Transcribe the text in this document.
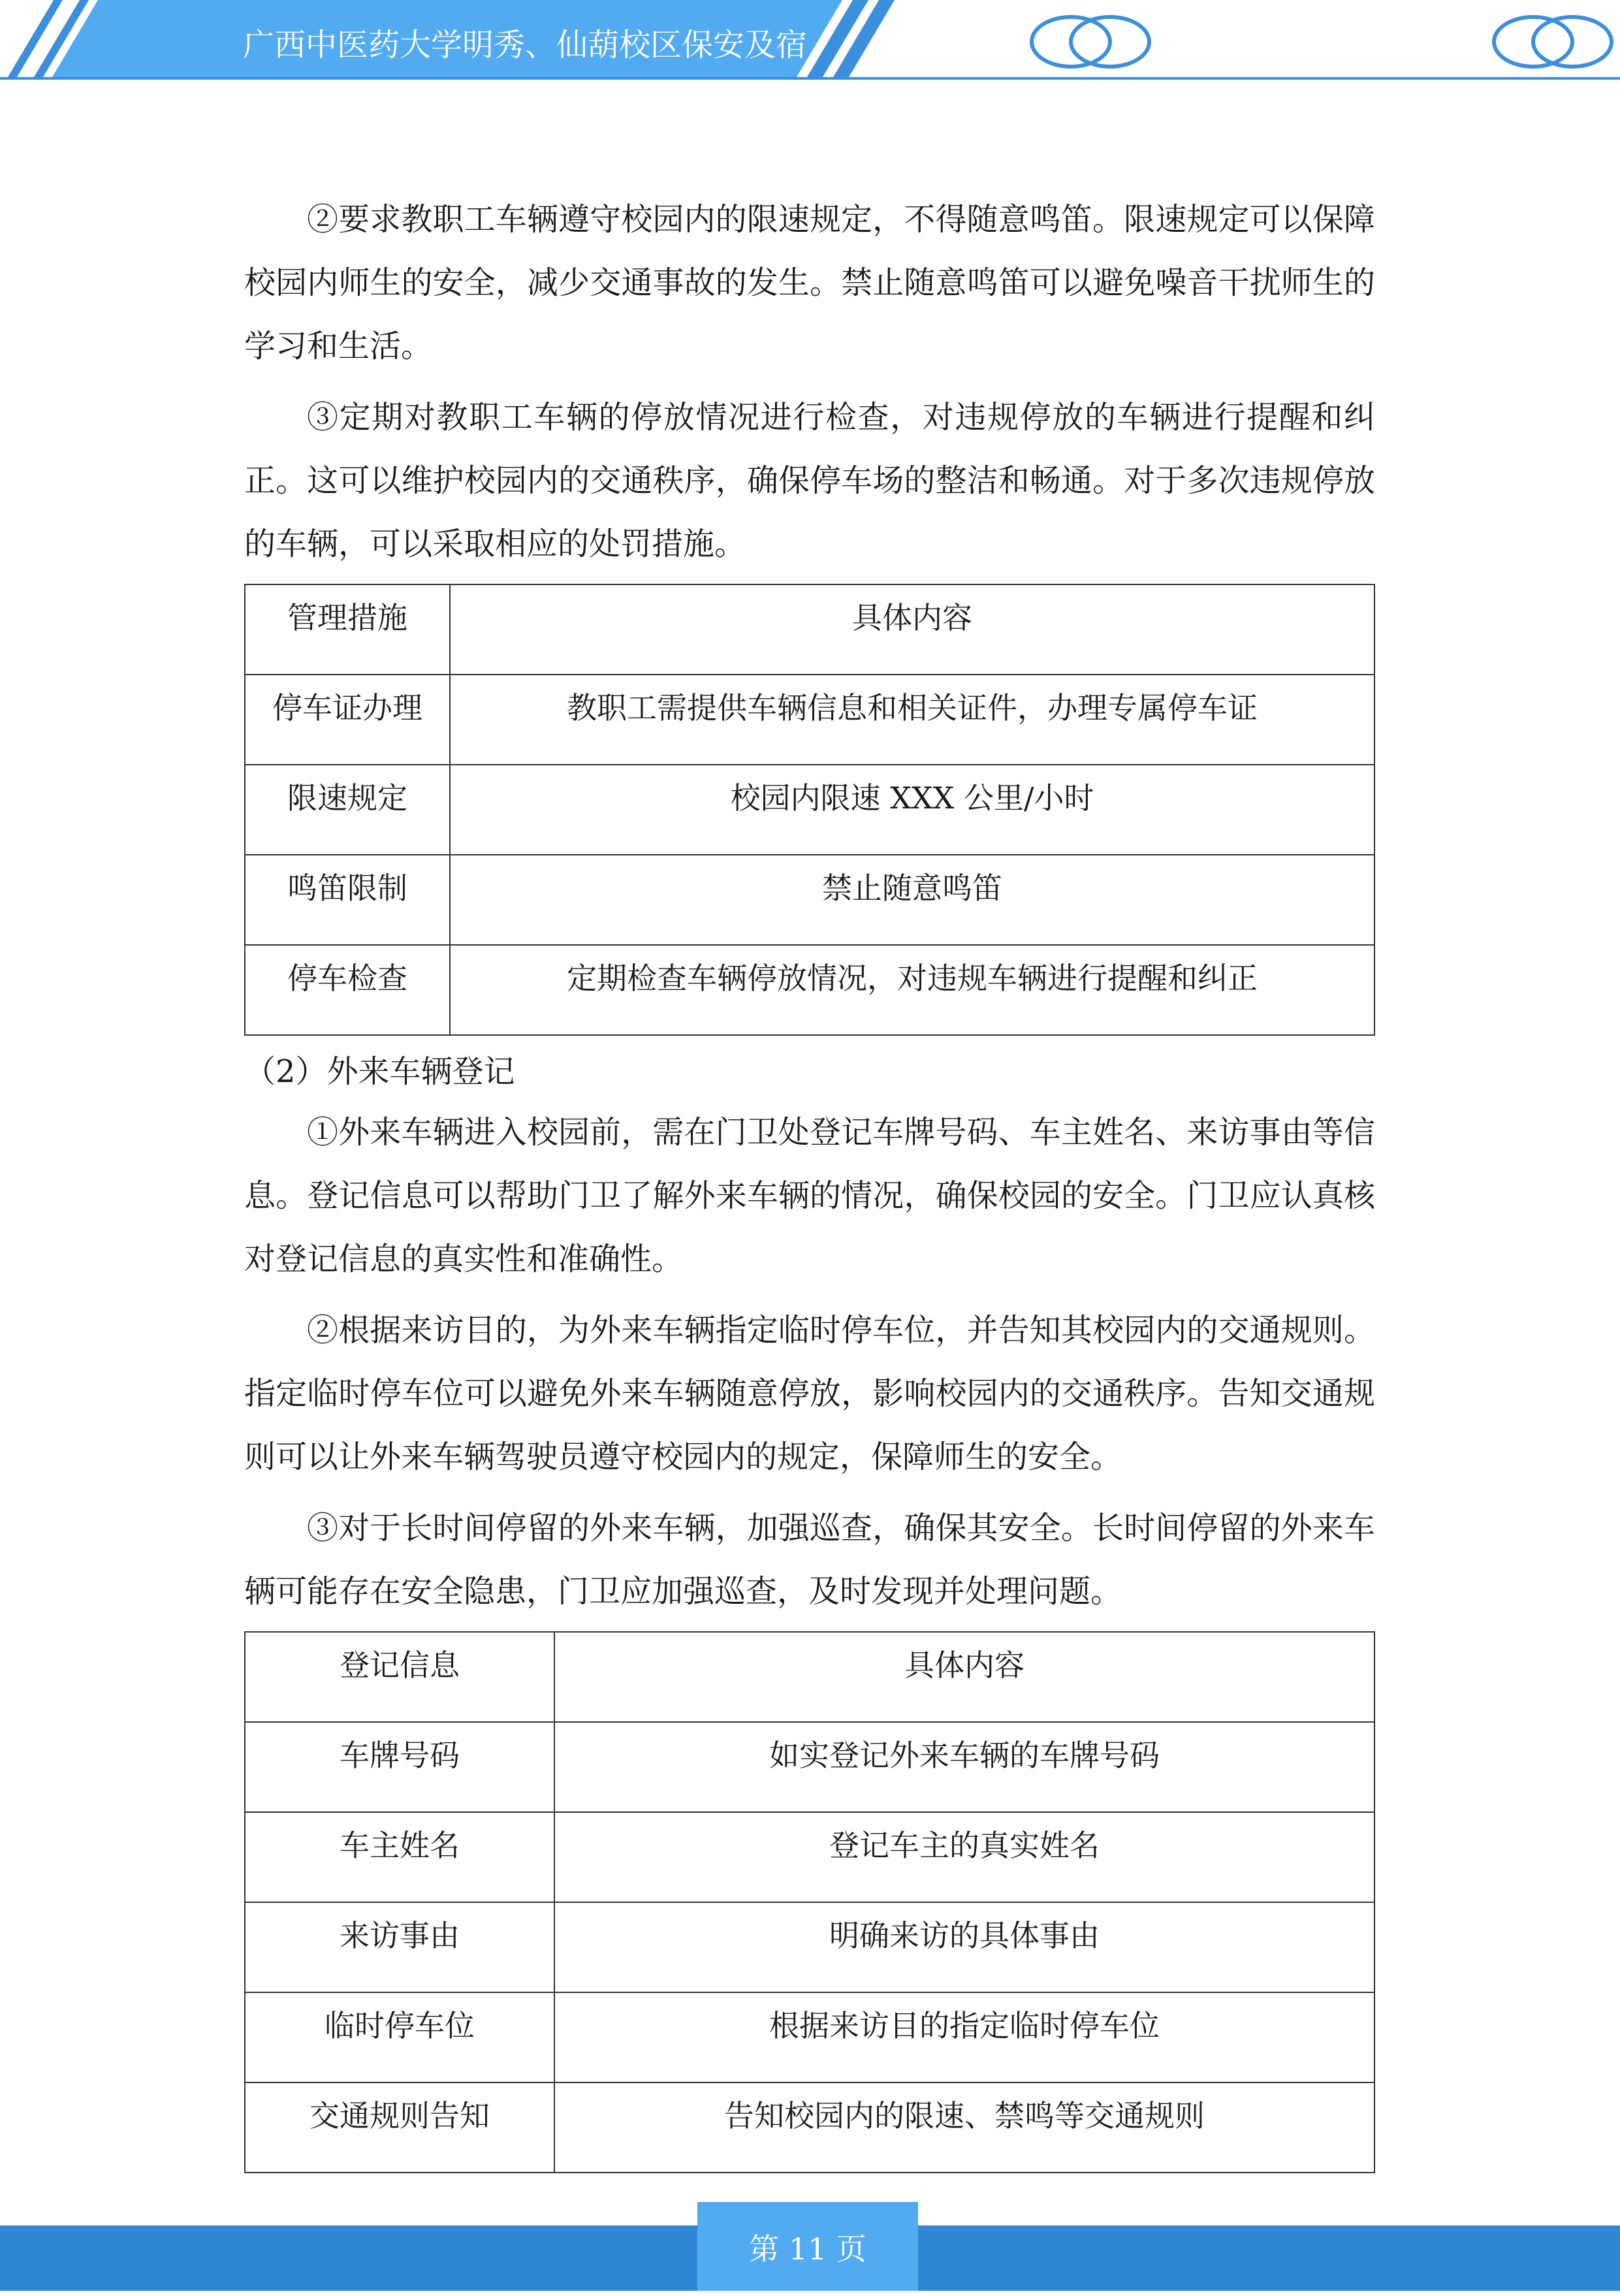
广西中医药大学明秀、仙葫校区保安及宿

②要求教职工车辆遵守校园内的限速规定，不得随意鸣笛。限速规定可以保障校园内师生的安全，减少交通事故的发生。禁止随意鸣笛可以避免噪音干扰师生的学习和生活。

③定期对教职工车辆的停放情况进行检查，对违规停放的车辆进行提醒和纠正。这可以维护校园内的交通秩序，确保停车场的整洁和畅通。对于多次违规停放的车辆，可以采取相应的处罚措施。

管理措施	具体内容
停车证办理	教职工需提供车辆信息和相关证件，办理专属停车证
限速规定	校园内限速 XXX 公里/小时
鸣笛限制	禁止随意鸣笛
停车检查	定期检查车辆停放情况，对违规车辆进行提醒和纠正
（2）外来车辆登记

①外来车辆进入校园前，需在门卫处登记车牌号码、车主姓名、来访事由等信息。登记信息可以帮助门卫了解外来车辆的情况，确保校园的安全。门卫应认真核对登记信息的真实性和准确性。

②根据来访目的，为外来车辆指定临时停车位，并告知其校园内的交通规则。指定临时停车位可以避免外来车辆随意停放，影响校园内的交通秩序。告知交通规则可以让外来车辆驾驶员遵守校园内的规定，保障师生的安全。

③对于长时间停留的外来车辆，加强巡查，确保其安全。长时间停留的外来车辆可能存在安全隐患，门卫应加强巡查，及时发现并处理问题。

登记信息	具体内容
车牌号码	如实登记外来车辆的车牌号码
车主姓名	登记车主的真实姓名
来访事由	明确来访的具体事由
临时停车位	根据来访目的指定临时停车位
交通规则告知	告知校园内的限速、禁鸣等交通规则
第 11 页
